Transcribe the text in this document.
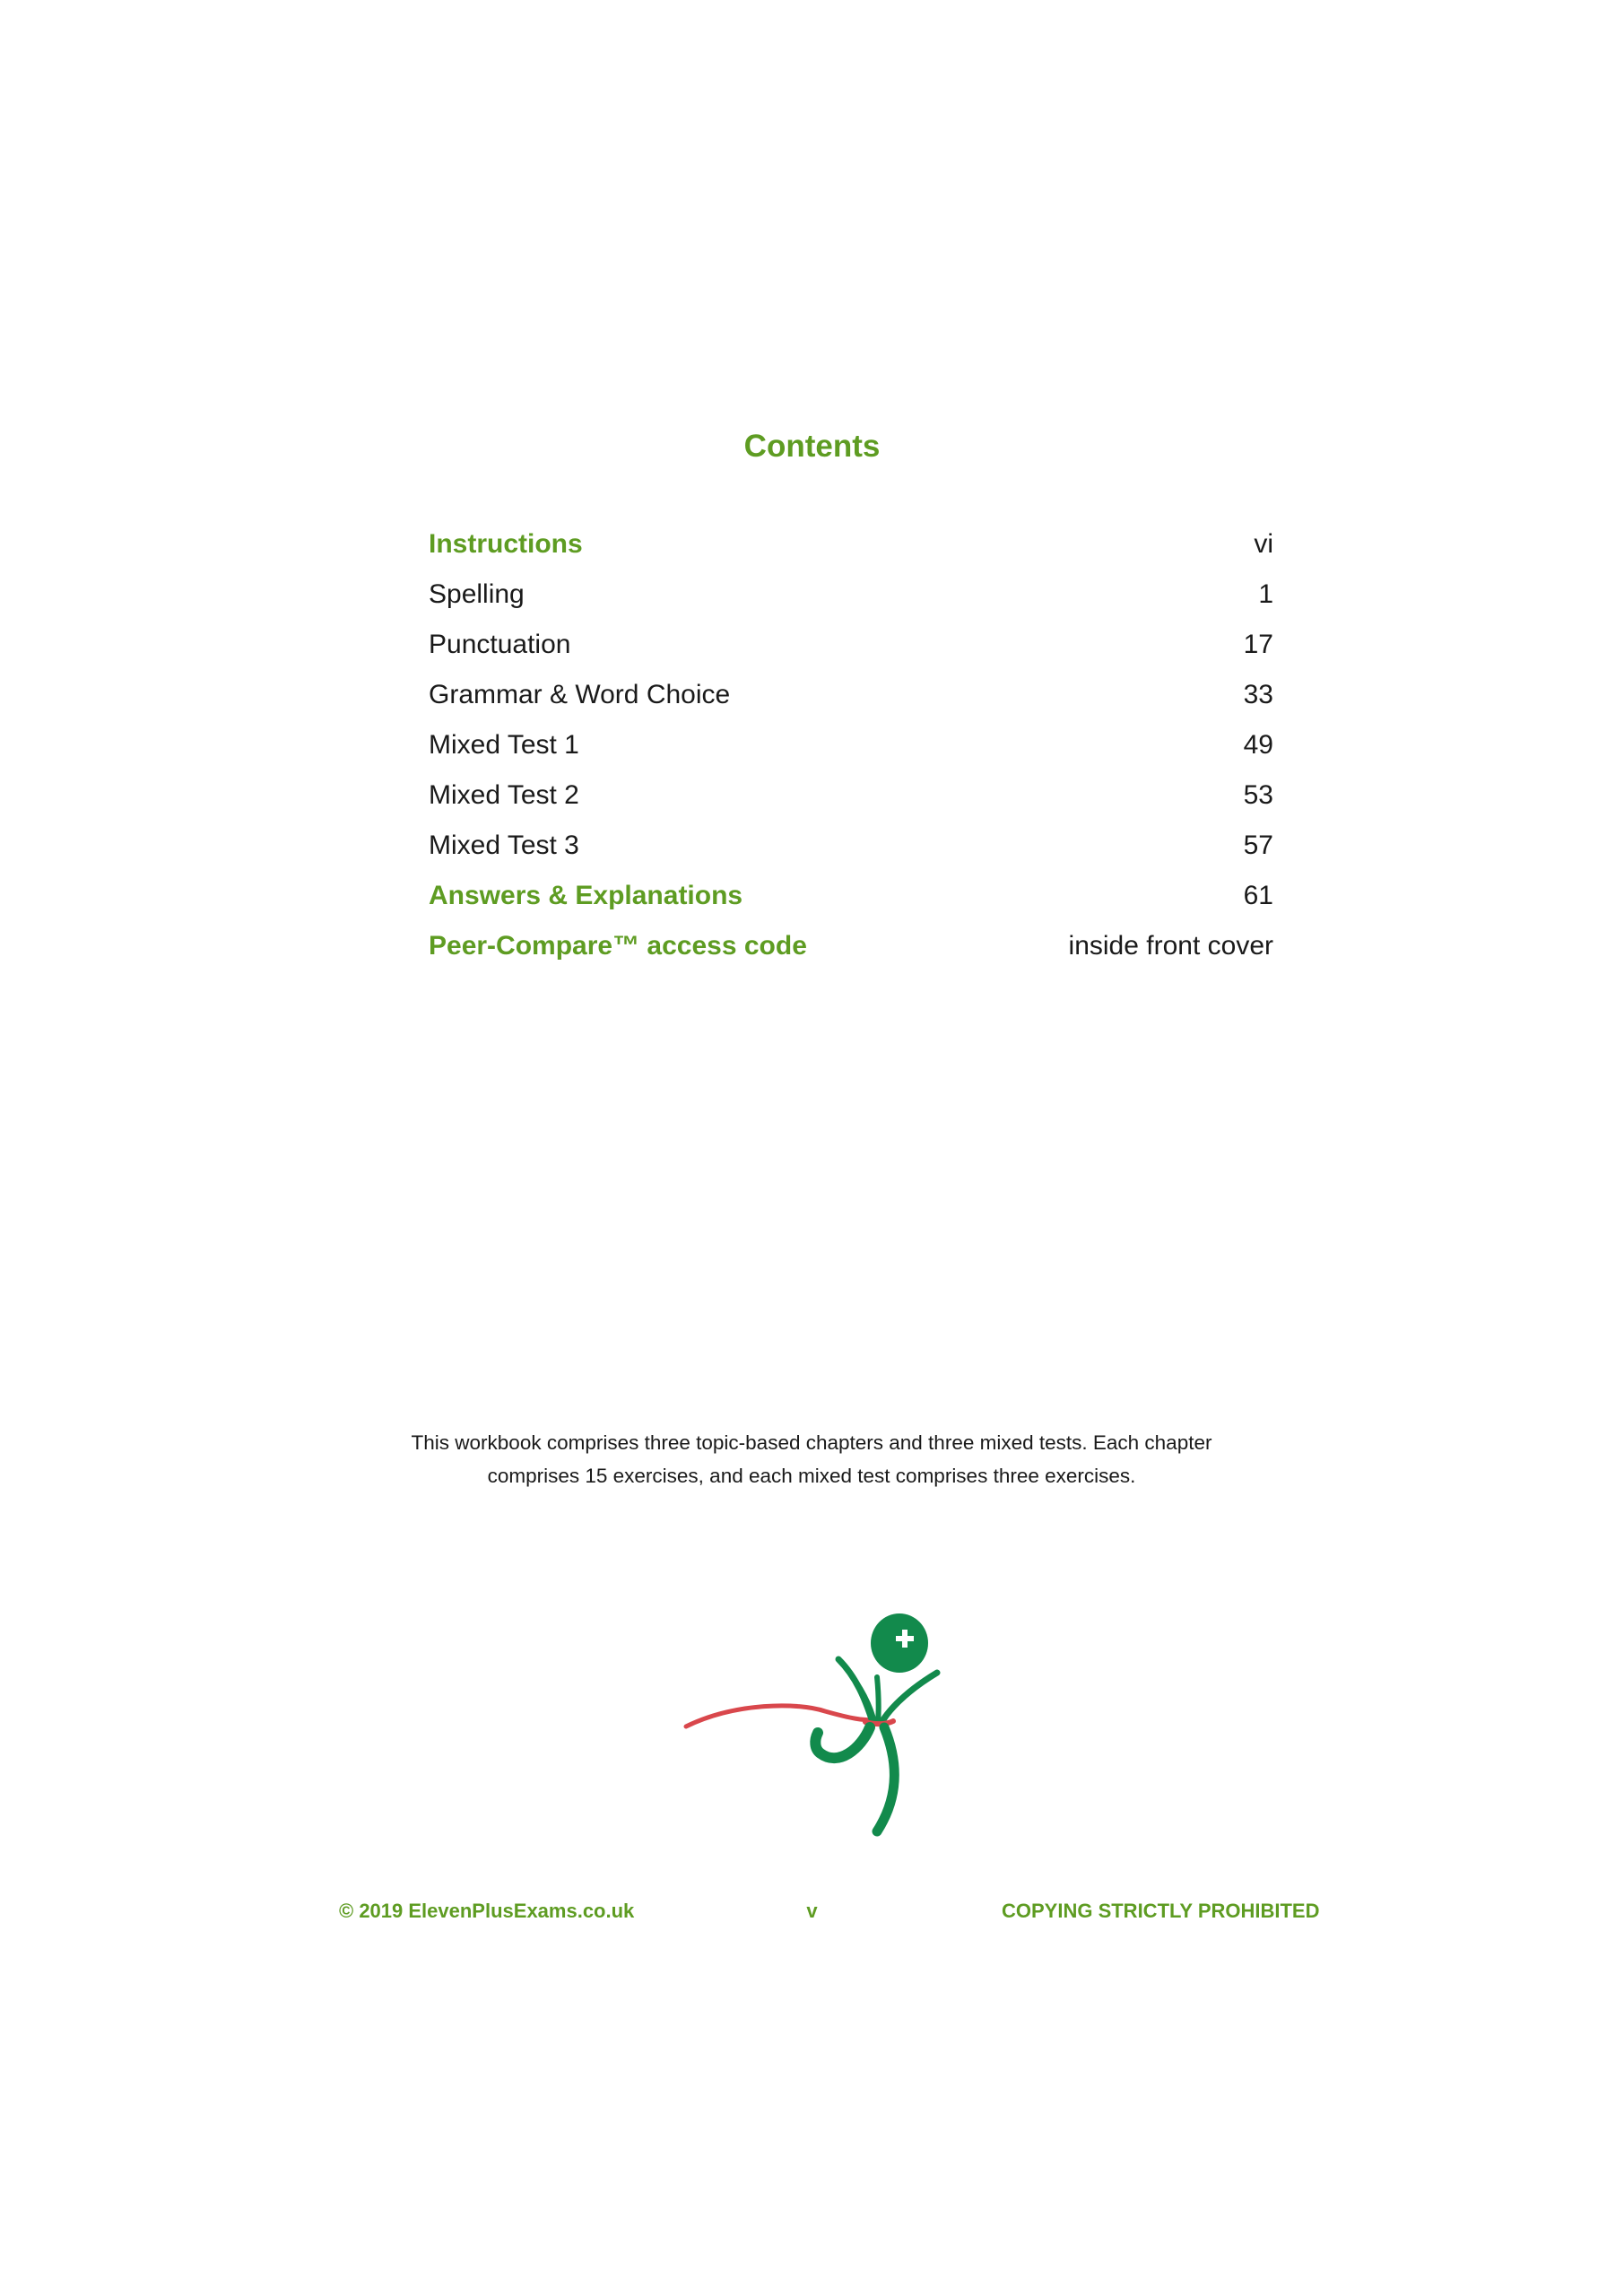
Contents
Instructions	vi
Spelling	1
Punctuation	17
Grammar & Word Choice	33
Mixed Test 1	49
Mixed Test 2	53
Mixed Test 3	57
Answers & Explanations	61
Peer-Compare™ access code	inside front cover
This workbook comprises three topic-based chapters and three mixed tests. Each chapter
comprises 15 exercises, and each mixed test comprises three exercises.
© 2019 ElevenPlusExams.co.uk	v	COPYING STRICTLY PROHIBITED
